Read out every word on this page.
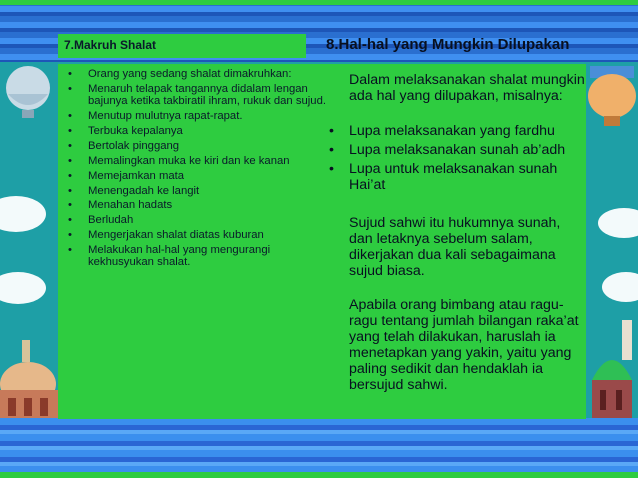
7.Makruh Shalat	8.Hal-hal yang Mungkin Dilupakan
• Orang yang sedang shalat dimakruhkan:
• Menaruh telapak tangannya didalam lengan bajunya ketika takbiratil ihram, rukuk dan sujud.
• Menutup mulutnya rapat-rapat.
• Terbuka kepalanya
• Bertolak pinggang
• Memalingkan muka ke kiri dan ke kanan
• Memejamkan mata
• Menengadah ke langit
• Menahan hadats
• Berludah
• Mengerjakan shalat diatas kuburan
• Melakukan hal-hal yang mengurangi kekhusyukan shalat.
Dalam melaksanakan shalat mungkin ada hal yang dilupakan, misalnya:
• Lupa melaksanakan yang fardhu
• Lupa melaksanakan sunah ab’adh
• Lupa untuk melaksanakan sunah Hai’at
Sujud sahwi itu hukumnya sunah, dan letaknya sebelum salam, dikerjakan dua kali sebagaimana sujud biasa.
Apabila orang bimbang atau ragu-ragu tentang jumlah bilangan raka’at yang telah dilakukan, haruslah ia menetapkan yang yakin, yaitu yang paling sedikit dan hendaklah ia bersujud sahwi.
